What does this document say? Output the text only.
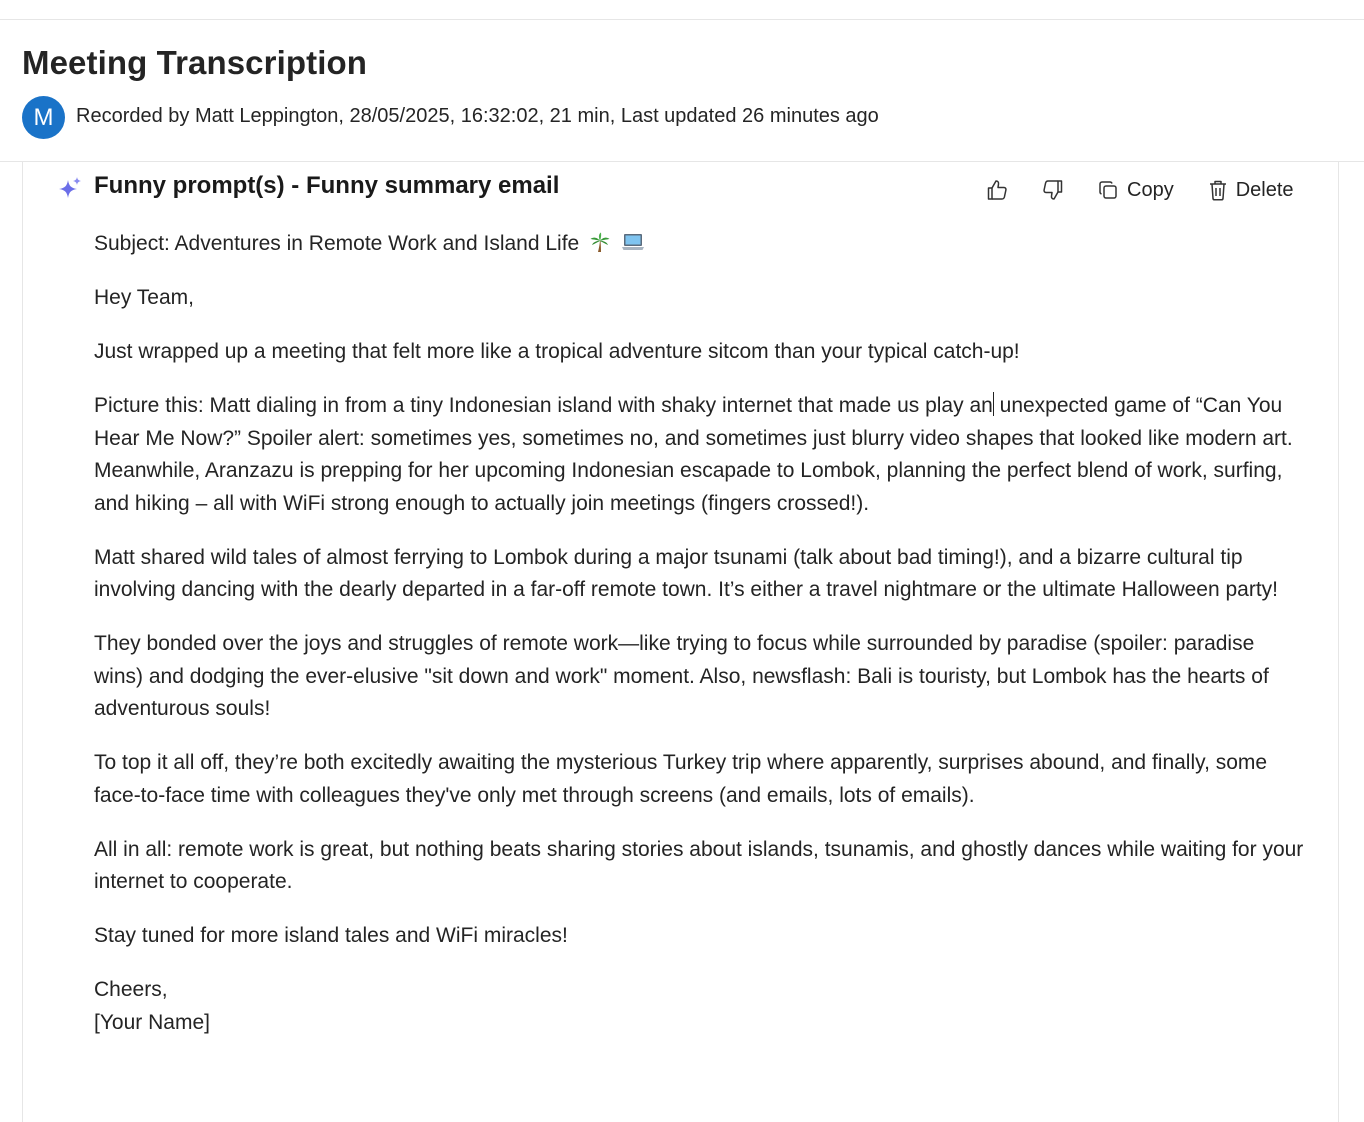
Meeting Transcription
M Recorded by Matt Leppington, 28/05/2025, 16:32:02, 21 min, Last updated 26 minutes ago
Funny prompt(s) - Funny summary email	Copy	Delete

Subject: Adventures in Remote Work and Island Life

Hey Team,

Just wrapped up a meeting that felt more like a tropical adventure sitcom than your typical catch-up!

Picture this: Matt dialing in from a tiny Indonesian island with shaky internet that made us play an unexpected game of “Can You Hear Me Now?” Spoiler alert: sometimes yes, sometimes no, and sometimes just blurry video shapes that looked like modern art. Meanwhile, Aranzazu is prepping for her upcoming Indonesian escapade to Lombok, planning the perfect blend of work, surfing, and hiking – all with WiFi strong enough to actually join meetings (fingers crossed!).

Matt shared wild tales of almost ferrying to Lombok during a major tsunami (talk about bad timing!), and a bizarre cultural tip involving dancing with the dearly departed in a far-off remote town. It’s either a travel nightmare or the ultimate Halloween party!

They bonded over the joys and struggles of remote work—like trying to focus while surrounded by paradise (spoiler: paradise wins) and dodging the ever-elusive "sit down and work" moment. Also, newsflash: Bali is touristy, but Lombok has the hearts of adventurous souls!

To top it all off, they’re both excitedly awaiting the mysterious Turkey trip where apparently, surprises abound, and finally, some face-to-face time with colleagues they've only met through screens (and emails, lots of emails).

All in all: remote work is great, but nothing beats sharing stories about islands, tsunamis, and ghostly dances while waiting for your internet to cooperate.

Stay tuned for more island tales and WiFi miracles!

Cheers,
[Your Name]
